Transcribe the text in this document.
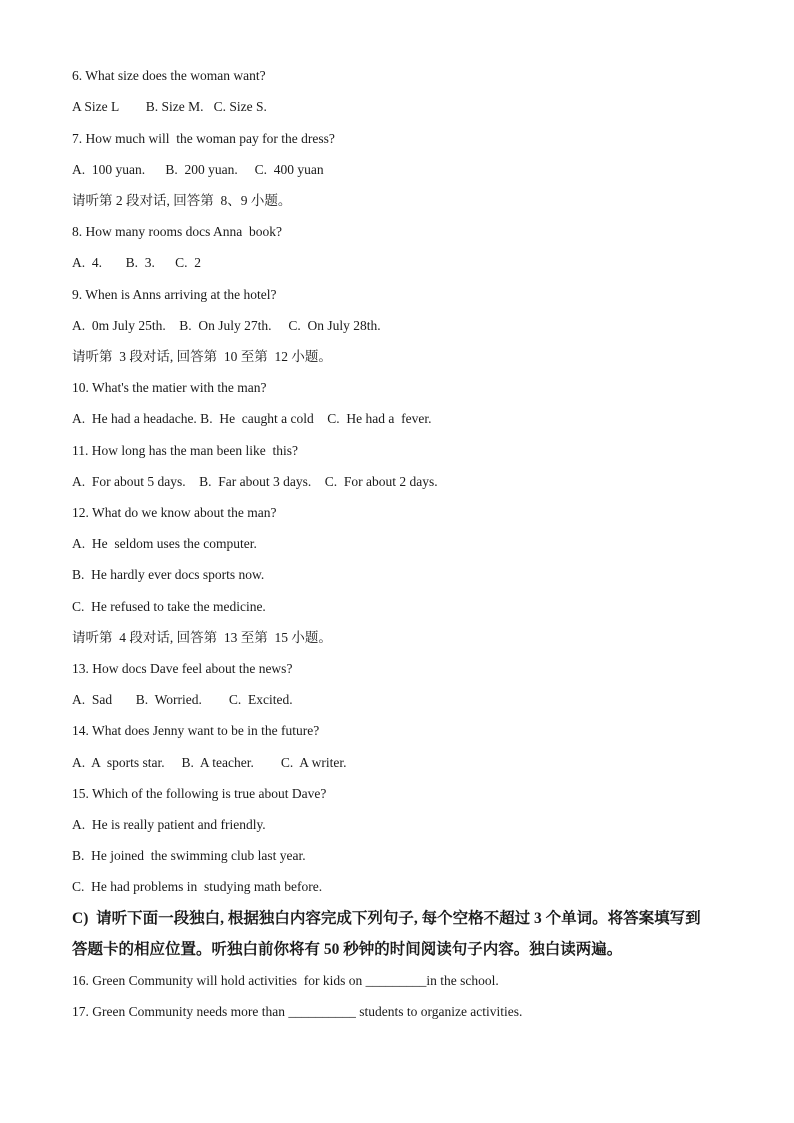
6. What size does the woman want?
A Size L        B. Size M.   C. Size S.
7. How much will  the woman pay for the dress?
A.  100 yuan.      B.  200 yuan.     C.  400 yuan
请听第 2 段对话, 回答第  8、9 小题。
8. How many rooms docs Anna  book?
A.  4.       B.  3.      C.  2
9. When is Anns arriving at the hotel?
A.  0m July 25th.    B.  On July 27th.     C.  On July 28th.
请听第  3 段对话, 回答第  10 至第  12 小题。
10. What's the matier with the man?
A.  He had a headache. B.  He  caught a cold    C.  He had a  fever.
11. How long has the man been like  this?
A.  For about 5 days.    B.  Far about 3 days.    C.  For about 2 days.
12. What do we know about the man?
A.  He  seldom uses the computer.
B.  He hardly ever docs sports now.
C.  He refused to take the medicine.
请听第  4 段对话, 回答第  13 至第  15 小题。
13. How docs Dave feel about the news?
A.  Sad       B.  Worried.        C.  Excited.
14. What does Jenny want to be in the future?
A.  A  sports star.     B.  A teacher.        C.  A writer.
15. Which of the following is true about Dave?
A.  He is really patient and friendly.
B.  He joined  the swimming club last year.
C.  He had problems in  studying math before.
C)  请听下面一段独白, 根据独白内容完成下列句子, 每个空格不超过 3 个单词。将答案填写到
答题卡的相应位置。听独白前你将有 50 秒钟的时间阅读句子内容。独白读两遍。
16. Green Community will hold activities  for kids on _________in the school.
17. Green Community needs more than __________ students to organize activities.
